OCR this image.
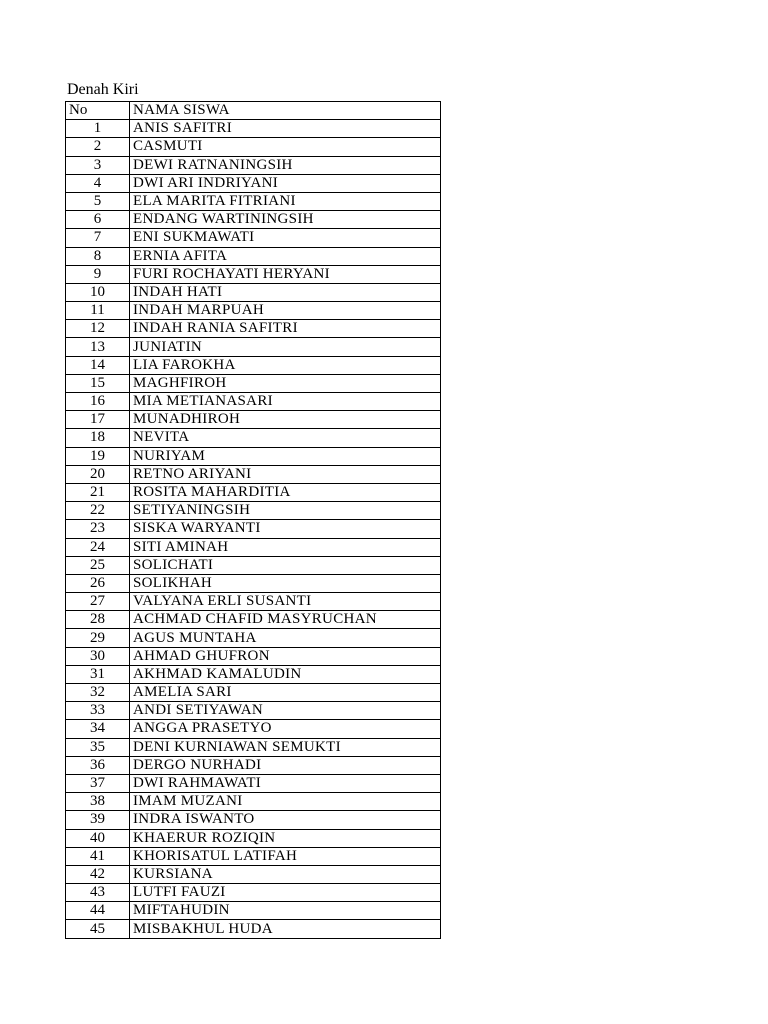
Denah Kiri
No	NAMA SISWA
1	ANIS SAFITRI
2	CASMUTI
3	DEWI RATNANINGSIH
4	DWI ARI INDRIYANI
5	ELA MARITA FITRIANI
6	ENDANG WARTININGSIH
7	ENI SUKMAWATI
8	ERNIA AFITA
9	FURI ROCHAYATI HERYANI
10	INDAH HATI
11	INDAH MARPUAH
12	INDAH RANIA SAFITRI
13	JUNIATIN
14	LIA FAROKHA
15	MAGHFIROH
16	MIA METIANASARI
17	MUNADHIROH
18	NEVITA
19	NURIYAM
20	RETNO ARIYANI
21	ROSITA MAHARDITIA
22	SETIYANINGSIH
23	SISKA WARYANTI
24	SITI AMINAH
25	SOLICHATI
26	SOLIKHAH
27	VALYANA ERLI SUSANTI
28	ACHMAD CHAFID MASYRUCHAN
29	AGUS MUNTAHA
30	AHMAD GHUFRON
31	AKHMAD KAMALUDIN
32	AMELIA SARI
33	ANDI SETIYAWAN
34	ANGGA PRASETYO
35	DENI KURNIAWAN SEMUKTI
36	DERGO NURHADI
37	DWI RAHMAWATI
38	IMAM MUZANI
39	INDRA ISWANTO
40	KHAERUR ROZIQIN
41	KHORISATUL LATIFAH
42	KURSIANA
43	LUTFI FAUZI
44	MIFTAHUDIN
45	MISBAKHUL HUDA
